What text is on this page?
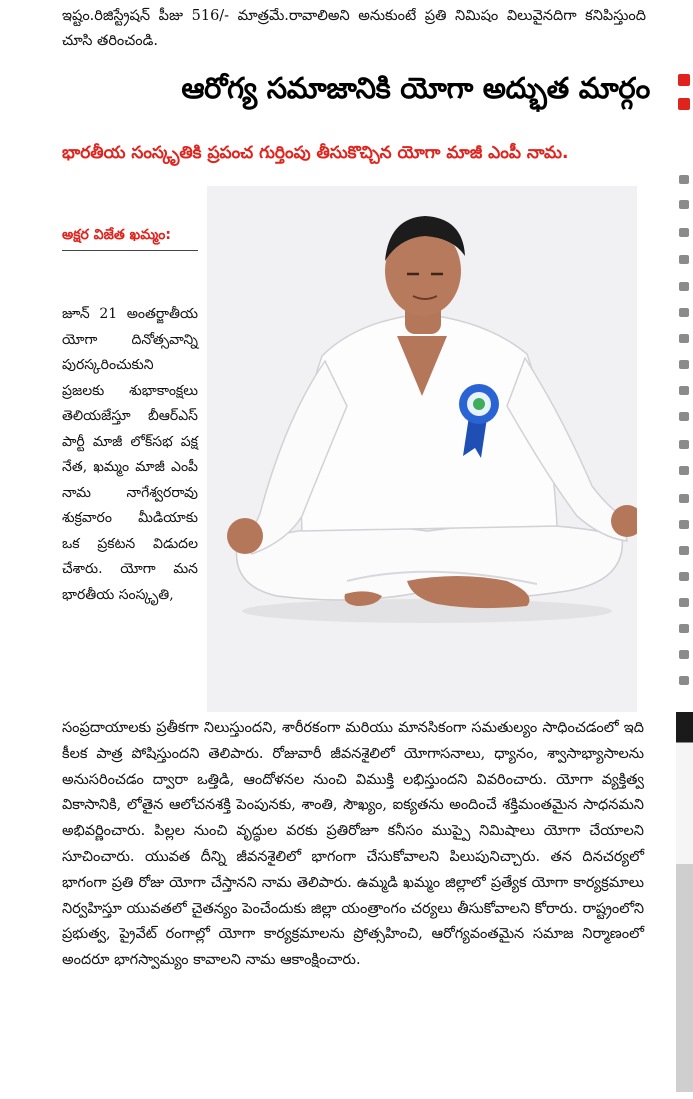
ఇష్టం.రిజిస్ట్రేషన్ పీజు 516/- మాత్రమే.రావాలిఅని అనుకుంటే ప్రతి నిమిషం విలువైనదిగా కనిపిస్తుంది చూసి తరించండి.
ఆరోగ్య సమాజానికి యోగా అద్భుత మార్గం
భారతీయ సంస్కృతికి ప్రపంచ గుర్తింపు తీసుకొచ్చిన యోగా మాజీ ఎంపీ నామ.
అక్షర విజేత ఖమ్మం:
జూన్ 21 అంతర్జాతీయ యోగా దినోత్సవాన్ని పురస్కరించుకుని ప్రజలకు శుభాకాంక్షలు తెలియజేస్తూ బీఆర్ఎస్ పార్టీ మాజీ లోక్‌సభ పక్ష నేత, ఖమ్మం మాజీ ఎంపీ నామ నాగేశ్వరరావు శుక్రవారం మీడియాకు ఒక ప్రకటన విడుదల చేశారు. యోగా మన భారతీయ సంస్కృతి,
సంప్రదాయాలకు ప్రతీకగా నిలుస్తుందని, శారీరకంగా మరియు మానసికంగా సమతుల్యం సాధించడంలో ఇది కీలక పాత్ర పోషిస్తుందని తెలిపారు. రోజువారీ జీవనశైలిలో యోగాసనాలు, ధ్యానం, శ్వాసాభ్యాసాలను అనుసరించడం ద్వారా ఒత్తిడి, ఆందోళనల నుంచి విముక్తి లభిస్తుందని వివరించారు. యోగా వ్యక్తిత్వ వికాసానికి, లోతైన ఆలోచనశక్తి పెంపునకు, శాంతి, సౌఖ్యం, ఐక్యతను అందించే శక్తిమంతమైన సాధనమని అభివర్ణించారు. పిల్లల నుంచి వృద్ధుల వరకు ప్రతిరోజూ కనీసం ముప్పై నిమిషాలు యోగా చేయాలని సూచించారు. యువత దీన్ని జీవనశైలిలో భాగంగా చేసుకోవాలని పిలుపునిచ్చారు. తన దినచర్యలో భాగంగా ప్రతి రోజు యోగా చేస్తానని నామ తెలిపారు. ఉమ్మడి ఖమ్మం జిల్లాలో ప్రత్యేక యోగా కార్యక్రమాలు నిర్వహిస్తూ యువతలో చైతన్యం పెంచేందుకు జిల్లా యంత్రాంగం చర్యలు తీసుకోవాలని కోరారు. రాష్ట్రంలోని ప్రభుత్వ, ప్రైవేట్ రంగాల్లో యోగా కార్యక్రమాలను ప్రోత్సహించి, ఆరోగ్యవంతమైన సమాజ నిర్మాణంలో అందరూ భాగస్వామ్యం కావాలని నామ ఆకాంక్షించారు.
